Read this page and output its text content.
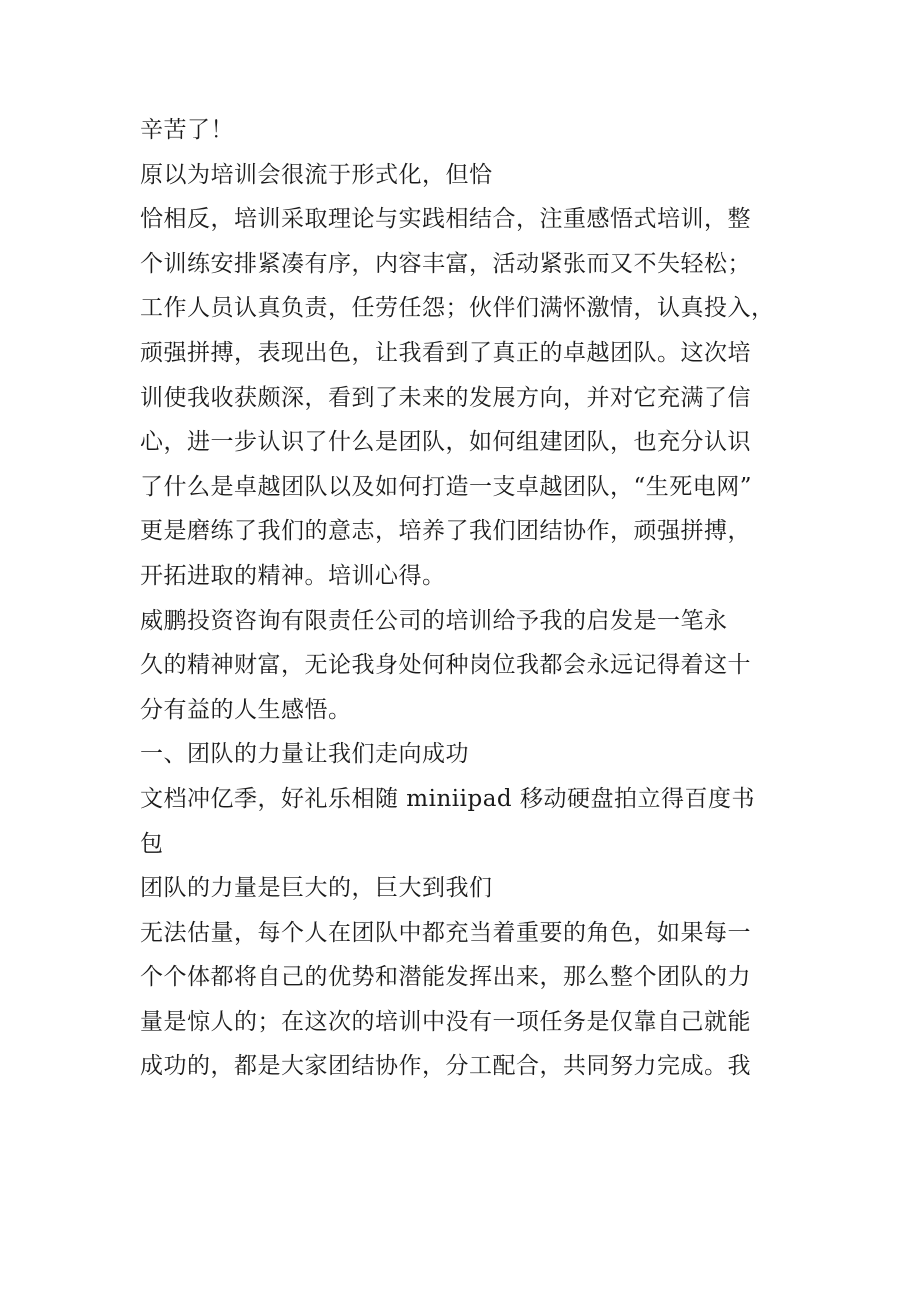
辛苦了！
原以为培训会很流于形式化，但恰
恰相反，培训采取理论与实践相结合，注重感悟式培训，整
个训练安排紧凑有序，内容丰富，活动紧张而又不失轻松；
工作人员认真负责，任劳任怨；伙伴们满怀激情，认真投入，
顽强拼搏，表现出色，让我看到了真正的卓越团队。这次培
训使我收获颇深，看到了未来的发展方向，并对它充满了信
心，进一步认识了什么是团队，如何组建团队，也充分认识
了什么是卓越团队以及如何打造一支卓越团队，“生死电网”
更是磨练了我们的意志，培养了我们团结协作，顽强拼搏，
开拓进取的精神。培训心得。
威鹏投资咨询有限责任公司的培训给予我的启发是一笔永
久的精神财富，无论我身处何种岗位我都会永远记得着这十
分有益的人生感悟。
一、团队的力量让我们走向成功
文档冲亿季，好礼乐相随 miniipad 移动硬盘拍立得百度书
包
团队的力量是巨大的，巨大到我们
无法估量，每个人在团队中都充当着重要的角色，如果每一
个个体都将自己的优势和潜能发挥出来，那么整个团队的力
量是惊人的；在这次的培训中没有一项任务是仅靠自己就能
成功的，都是大家团结协作，分工配合，共同努力完成。我
